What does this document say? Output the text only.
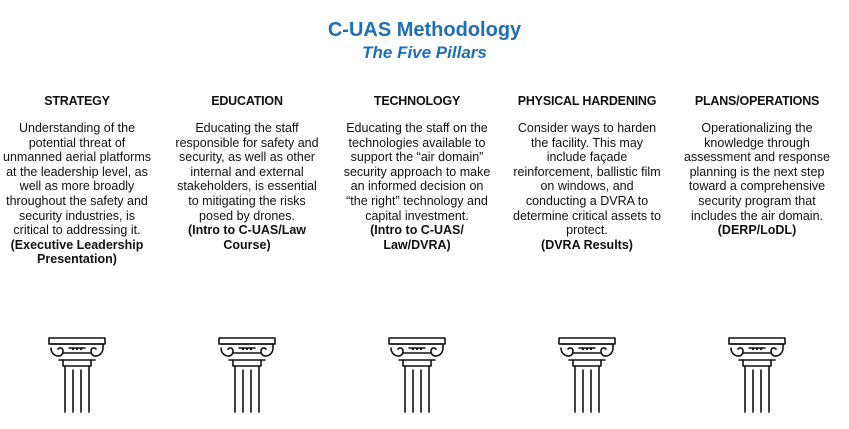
C-UAS Methodology
The Five Pillars
STRATEGY
Understanding of the potential threat of unmanned aerial platforms at the leadership level, as well as more broadly throughout the safety and security industries, is critical to addressing it.
(Executive Leadership Presentation)
EDUCATION
Educating the staff responsible for safety and security, as well as other internal and external stakeholders, is essential to mitigating the risks posed by drones.
(Intro to C-UAS/Law Course)
TECHNOLOGY
Educating the staff on the technologies available to support the “air domain” security approach to make an informed decision on “the right” technology and capital investment.
(Intro to C-UAS/ Law/DVRA)
PHYSICAL HARDENING
Consider ways to harden the facility. This may include façade reinforcement, ballistic film on windows, and conducting a DVRA to determine critical assets to protect.
(DVRA Results)
PLANS/OPERATIONS
Operationalizing the knowledge through assessment and response planning is the next step toward a comprehensive security program that includes the air domain.
(DERP/LoDL)
